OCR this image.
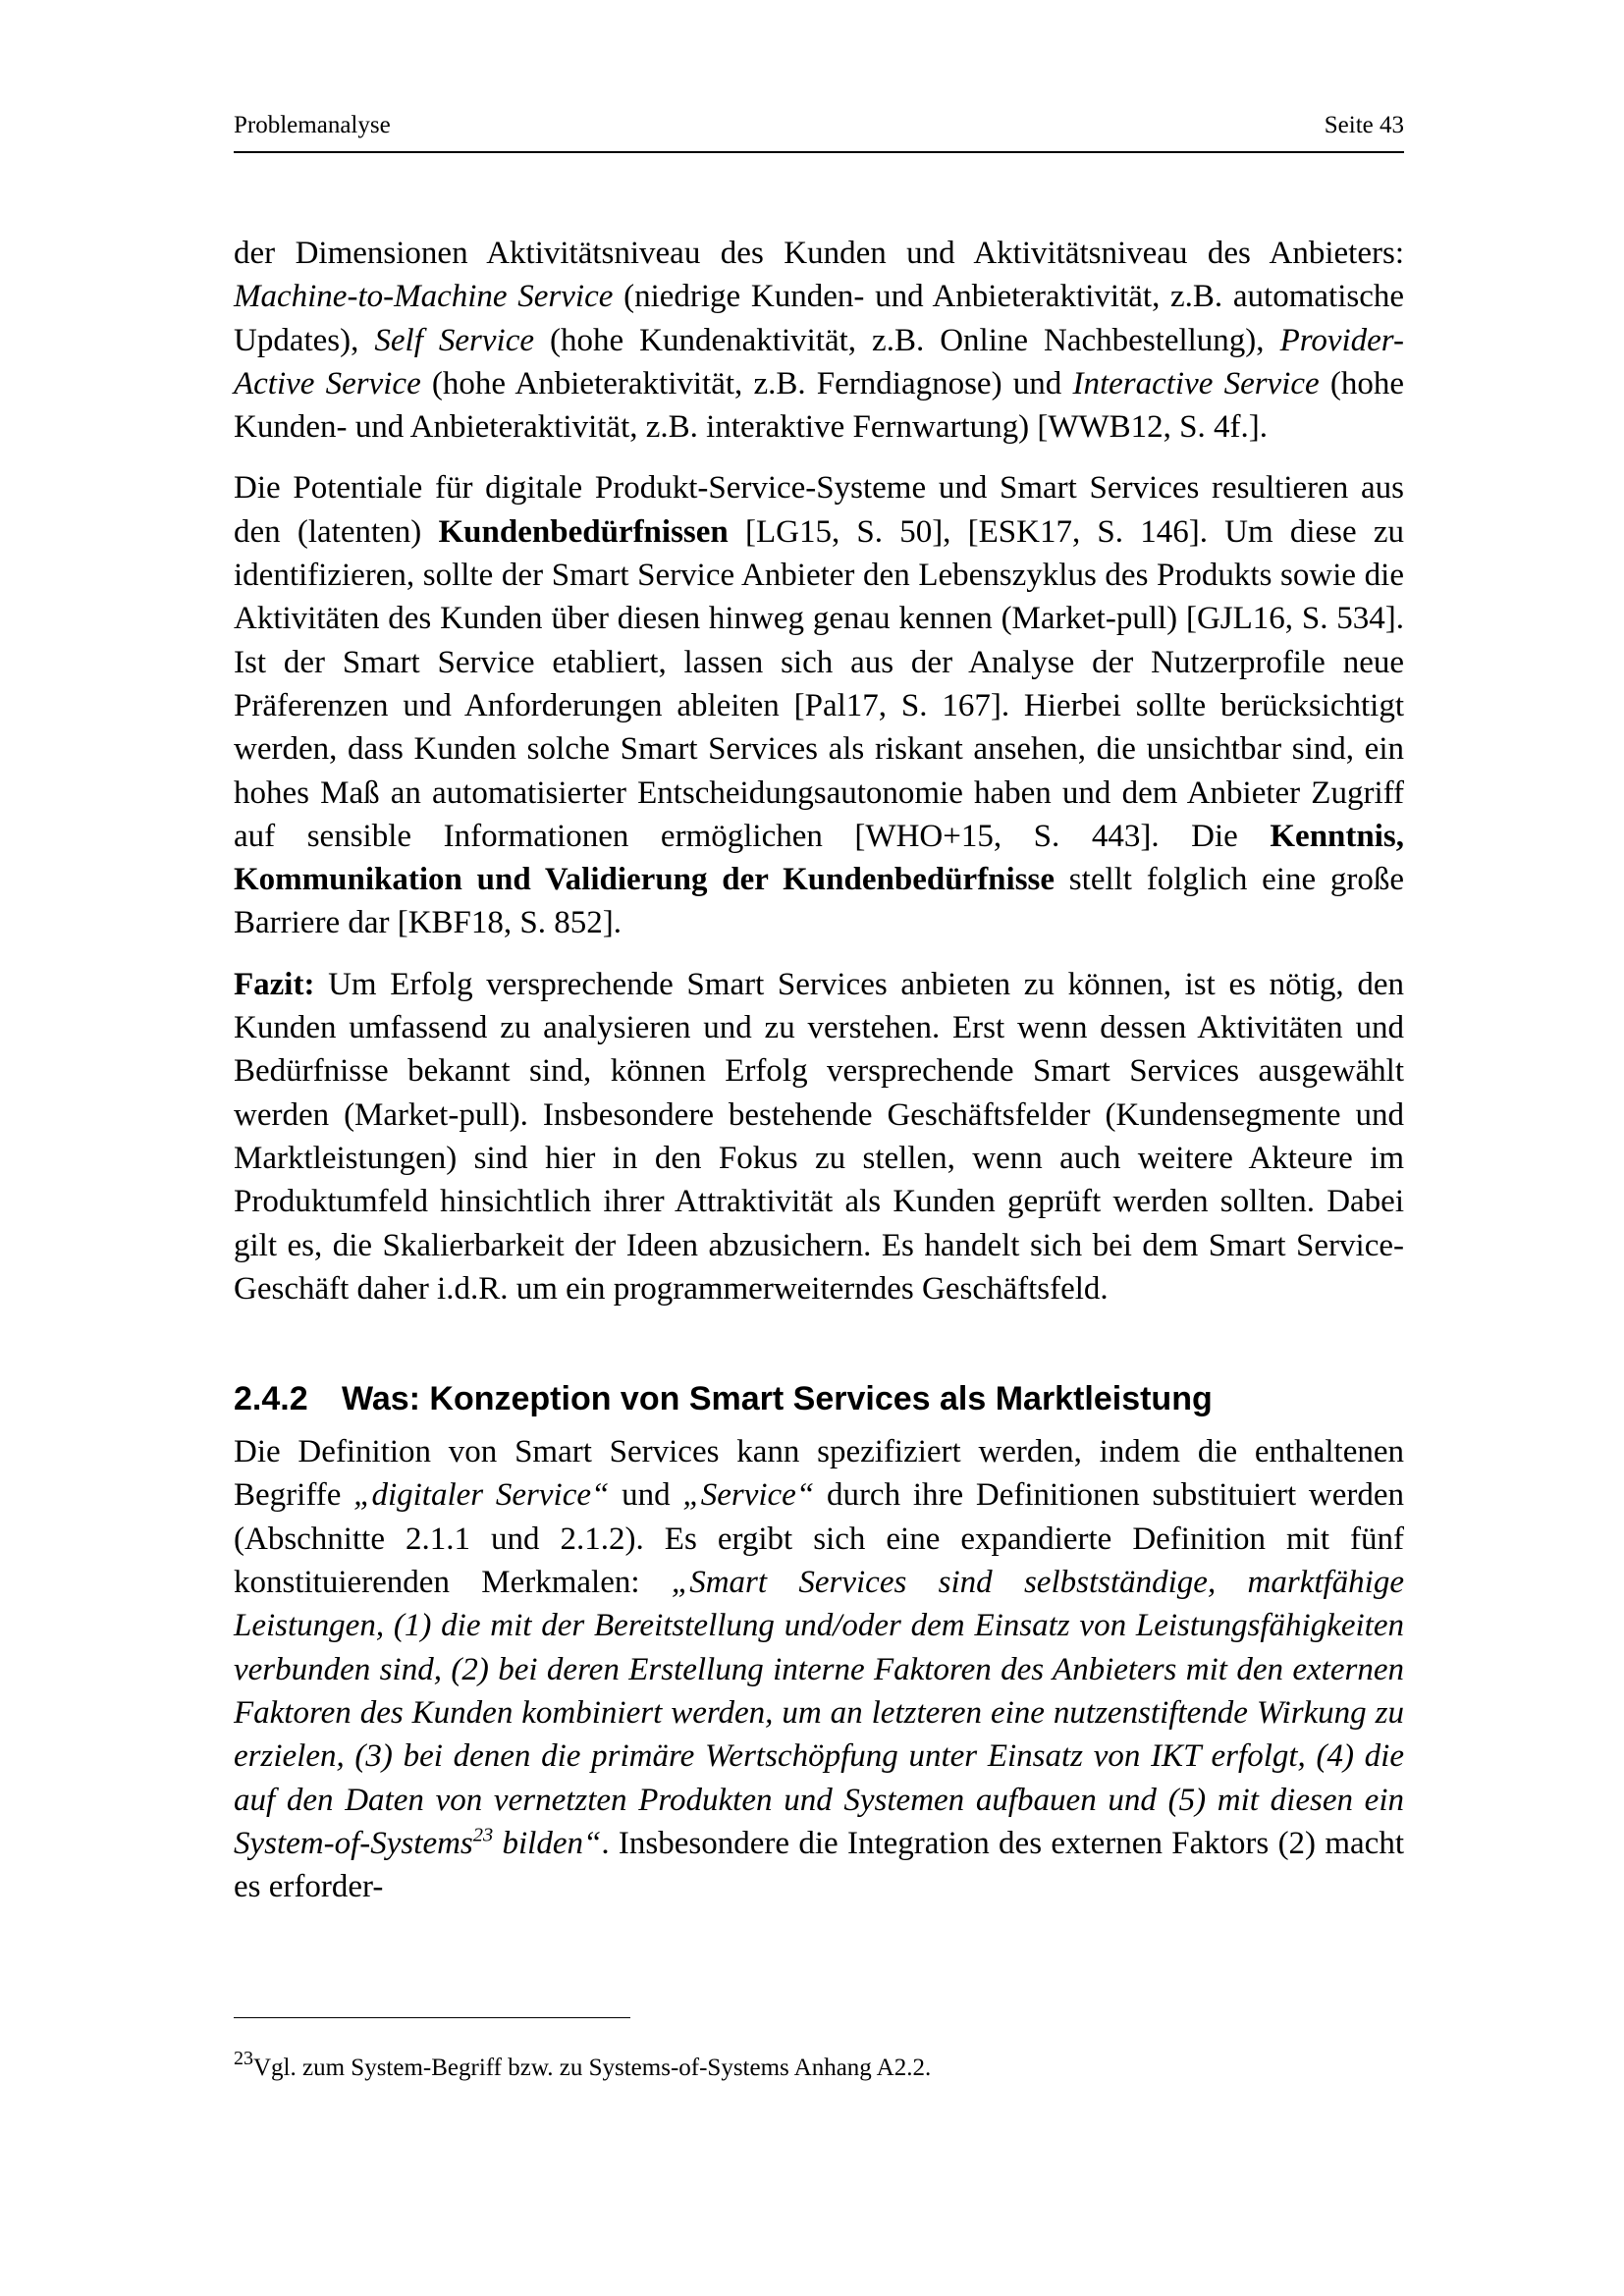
Problemanalyse	Seite 43

der Dimensionen Aktivitätsniveau des Kunden und Aktivitätsniveau des Anbieters: Machine-to-Machine Service (niedrige Kunden- und Anbieteraktivität, z.B. automatische Updates), Self Service (hohe Kundenaktivität, z.B. Online Nachbestellung), Provider-Active Service (hohe Anbieteraktivität, z.B. Ferndiagnose) und Interactive Service (hohe Kunden- und Anbieteraktivität, z.B. interaktive Fernwartung) [WWB12, S. 4f.].

Die Potentiale für digitale Produkt-Service-Systeme und Smart Services resultieren aus den (latenten) Kundenbedürfnissen [LG15, S. 50], [ESK17, S. 146]. Um diese zu identifizieren, sollte der Smart Service Anbieter den Lebenszyklus des Produkts sowie die Aktivitäten des Kunden über diesen hinweg genau kennen (Market-pull) [GJL16, S. 534]. Ist der Smart Service etabliert, lassen sich aus der Analyse der Nutzerprofile neue Präferenzen und Anforderungen ableiten [Pal17, S. 167]. Hierbei sollte berücksichtigt werden, dass Kunden solche Smart Services als riskant ansehen, die unsichtbar sind, ein hohes Maß an automatisierter Entscheidungsautonomie haben und dem Anbieter Zugriff auf sensible Informationen ermöglichen [WHO+15, S. 443]. Die Kenntnis, Kommunikation und Validierung der Kundenbedürfnisse stellt folglich eine große Barriere dar [KBF18, S. 852].

Fazit: Um Erfolg versprechende Smart Services anbieten zu können, ist es nötig, den Kunden umfassend zu analysieren und zu verstehen. Erst wenn dessen Aktivitäten und Bedürfnisse bekannt sind, können Erfolg versprechende Smart Services ausgewählt werden (Market-pull). Insbesondere bestehende Geschäftsfelder (Kundensegmente und Marktleistungen) sind hier in den Fokus zu stellen, wenn auch weitere Akteure im Produktumfeld hinsichtlich ihrer Attraktivität als Kunden geprüft werden sollten. Dabei gilt es, die Skalierbarkeit der Ideen abzusichern. Es handelt sich bei dem Smart Service-Geschäft daher i.d.R. um ein programmerweiterndes Geschäftsfeld.

2.4.2 Was: Konzeption von Smart Services als Marktleistung

Die Definition von Smart Services kann spezifiziert werden, indem die enthaltenen Begriffe „digitaler Service“ und „Service“ durch ihre Definitionen substituiert werden (Abschnitte 2.1.1 und 2.1.2). Es ergibt sich eine expandierte Definition mit fünf konstituierenden Merkmalen: „Smart Services sind selbstständige, marktfähige Leistungen, (1) die mit der Bereitstellung und/oder dem Einsatz von Leistungsfähigkeiten verbunden sind, (2) bei deren Erstellung interne Faktoren des Anbieters mit den externen Faktoren des Kunden kombiniert werden, um an letzteren eine nutzenstiftende Wirkung zu erzielen, (3) bei denen die primäre Wertschöpfung unter Einsatz von IKT erfolgt, (4) die auf den Daten von vernetzten Produkten und Systemen aufbauen und (5) mit diesen ein System-of-Systems$^{23}$ bilden“. Insbesondere die Integration des externen Faktors (2) macht es erforder-

$^{23}$Vgl. zum System-Begriff bzw. zu Systems-of-Systems Anhang A2.2.
